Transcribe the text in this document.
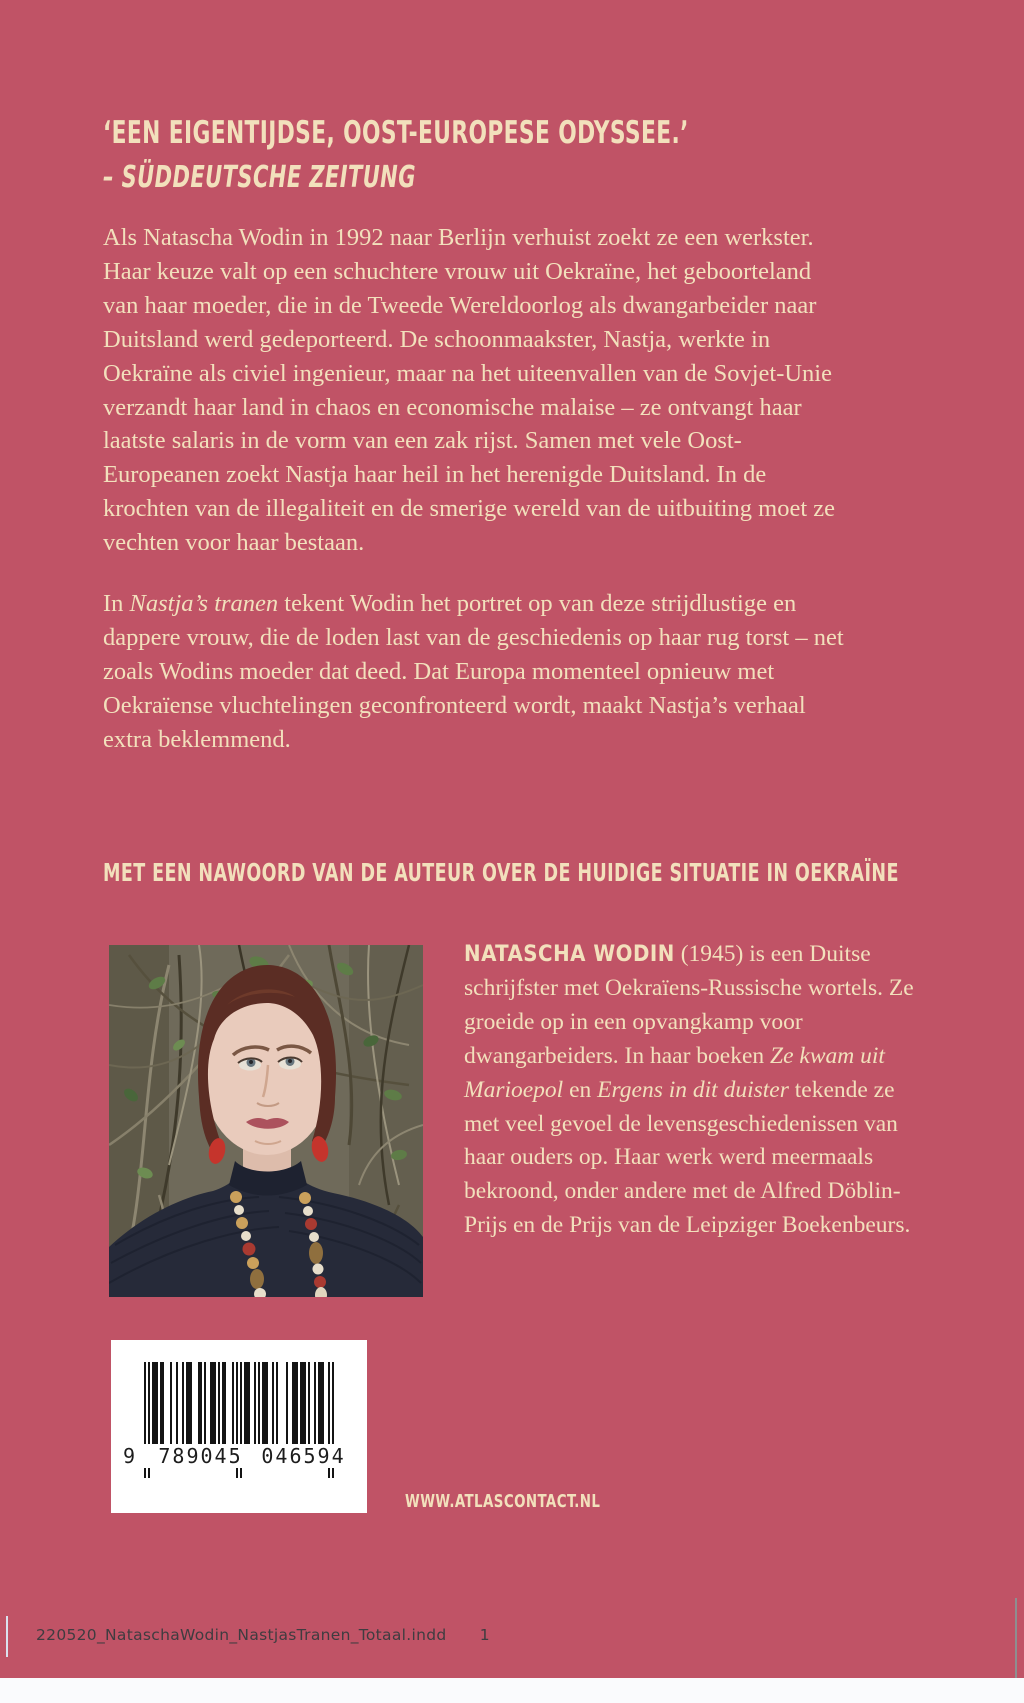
‘EEN EIGENTIJDSE, OOST-EUROPESE ODYSSEE.’
– SÜDDEUTSCHE ZEITUNG

Als Natascha Wodin in 1992 naar Berlijn verhuist zoekt ze een werkster. Haar keuze valt op een schuchtere vrouw uit Oekraïne, het geboorteland van haar moeder, die in de Tweede Wereldoorlog als dwangarbeider naar Duitsland werd gedeporteerd. De schoonmaakster, Nastja, werkte in Oekraïne als civiel ingenieur, maar na het uiteenvallen van de Sovjet-Unie verzandt haar land in chaos en economische malaise – ze ontvangt haar laatste salaris in de vorm van een zak rijst. Samen met vele Oost-Europeanen zoekt Nastja haar heil in het herenigde Duitsland. In de krochten van de illegaliteit en de smerige wereld van de uitbuiting moet ze vechten voor haar bestaan.

In Nastja’s tranen tekent Wodin het portret op van deze strijdlustige en dappere vrouw, die de loden last van de geschiedenis op haar rug torst – net zoals Wodins moeder dat deed. Dat Europa momenteel opnieuw met Oekraïense vluchtelingen geconfronteerd wordt, maakt Nastja’s verhaal extra beklemmend.

MET EEN NAWOORD VAN DE AUTEUR OVER DE HUIDIGE SITUATIE IN OEKRAÏNE

NATASCHA WODIN (1945) is een Duitse schrijfster met Oekraïens-Russische wortels. Ze groeide op in een opvangkamp voor dwangarbeiders. In haar boeken Ze kwam uit Marioepol en Ergens in dit duister tekende ze met veel gevoel de levensgeschiedenissen van haar ouders op. Haar werk werd meermaals bekroond, onder andere met de Alfred Döblin-Prijs en de Prijs van de Leipziger Boekenbeurs.

9	789045 046594
WWW.ATLASCONTACT.NL
220520_NataschaWodin_NastjasTranen_Totaal.indd 1
